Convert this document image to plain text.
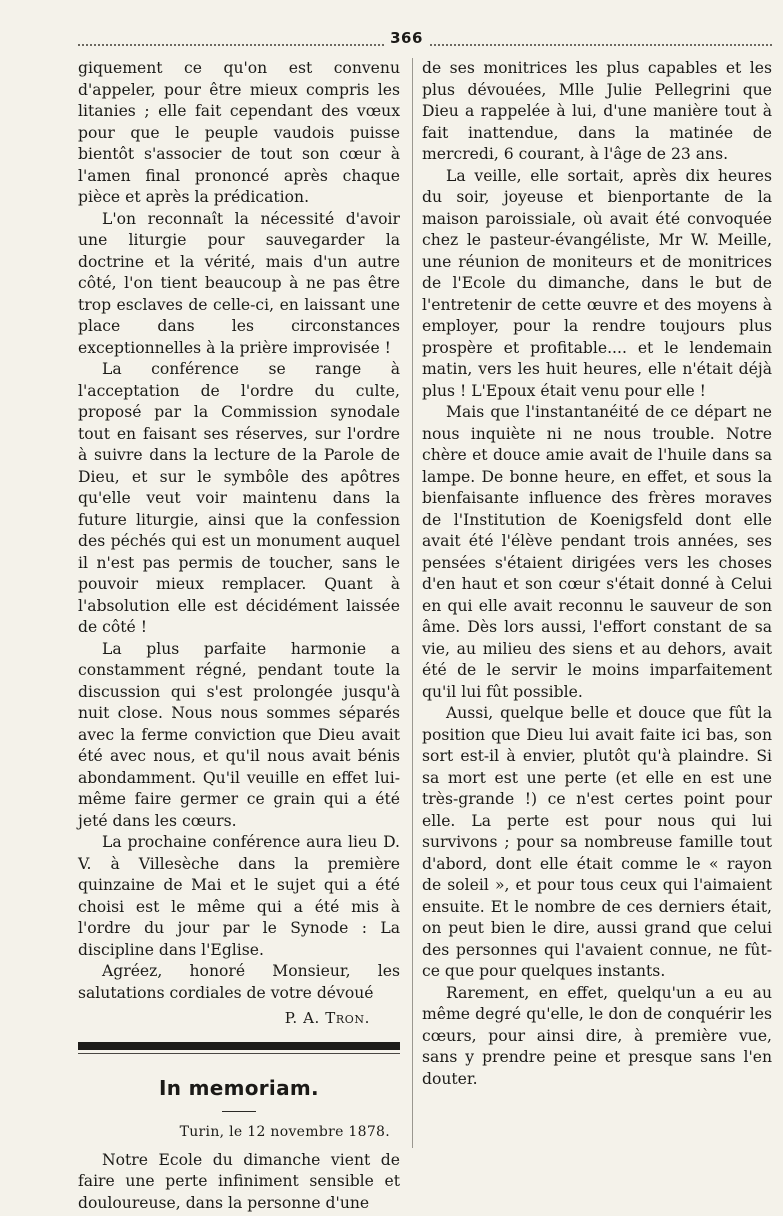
366

giquement ce qu'on est convenu d'appeler, pour être mieux compris les litanies ; elle fait cependant des vœux pour que le peuple vaudois puisse bientôt s'associer de tout son cœur à l'amen final prononcé après chaque pièce et après la prédication.

L'on reconnaît la nécessité d'avoir une liturgie pour sauvegarder la doctrine et la vérité, mais d'un autre côté, l'on tient beaucoup à ne pas être trop esclaves de celle-ci, en laissant une place dans les circonstances exceptionnelles à la prière improvisée !

La conférence se range à l'acceptation de l'ordre du culte, proposé par la Commission synodale tout en faisant ses réserves, sur l'ordre à suivre dans la lecture de la Parole de Dieu, et sur le symbôle des apôtres qu'elle veut voir maintenu dans la future liturgie, ainsi que la confession des péchés qui est un monument auquel il n'est pas permis de toucher, sans le pouvoir mieux remplacer. Quant à l'absolution elle est décidément laissée de côté !

La plus parfaite harmonie a constamment régné, pendant toute la discussion qui s'est prolongée jusqu'à nuit close. Nous nous sommes séparés avec la ferme conviction que Dieu avait été avec nous, et qu'il nous avait bénis abondamment. Qu'il veuille en effet lui-même faire germer ce grain qui a été jeté dans les cœurs.

La prochaine conférence aura lieu D. V. à Villesèche dans la première quinzaine de Mai et le sujet qui a été choisi est le même qui a été mis à l'ordre du jour par le Synode : La discipline dans l'Eglise.

Agréez, honoré Monsieur, les salutations cordiales de votre dévoué

P. A. Tron.

In memoriam.

Turin, le 12 novembre 1878.

Notre Ecole du dimanche vient de faire une perte infiniment sensible et douloureuse, dans la personne d'une

de ses monitrices les plus capables et les plus dévouées, Mlle Julie Pellegrini que Dieu a rappelée à lui, d'une manière tout à fait inattendue, dans la matinée de mercredi, 6 courant, à l'âge de 23 ans.

La veille, elle sortait, après dix heures du soir, joyeuse et bienportante de la maison paroissiale, où avait été convoquée chez le pasteur-évangéliste, Mr W. Meille, une réunion de moniteurs et de monitrices de l'Ecole du dimanche, dans le but de l'entretenir de cette œuvre et des moyens à employer, pour la rendre toujours plus prospère et profitable.... et le lendemain matin, vers les huit heures, elle n'était déjà plus ! L'Epoux était venu pour elle !

Mais que l'instantanéité de ce départ ne nous inquiète ni ne nous trouble. Notre chère et douce amie avait de l'huile dans sa lampe. De bonne heure, en effet, et sous la bienfaisante influence des frères moraves de l'Institution de Koenigsfeld dont elle avait été l'élève pendant trois années, ses pensées s'étaient dirigées vers les choses d'en haut et son cœur s'était donné à Celui en qui elle avait reconnu le sauveur de son âme. Dès lors aussi, l'effort constant de sa vie, au milieu des siens et au dehors, avait été de le servir le moins imparfaitement qu'il lui fût possible.

Aussi, quelque belle et douce que fût la position que Dieu lui avait faite ici bas, son sort est-il à envier, plutôt qu'à plaindre. Si sa mort est une perte (et elle en est une très-grande !) ce n'est certes point pour elle. La perte est pour nous qui lui survivons ; pour sa nombreuse famille tout d'abord, dont elle était comme le « rayon de soleil », et pour tous ceux qui l'aimaient ensuite. Et le nombre de ces derniers était, on peut bien le dire, aussi grand que celui des personnes qui l'avaient connue, ne fût-ce que pour quelques instants.

Rarement, en effet, quelqu'un a eu au même degré qu'elle, le don de conquérir les cœurs, pour ainsi dire, à première vue, sans y prendre peine et presque sans l'en douter.
